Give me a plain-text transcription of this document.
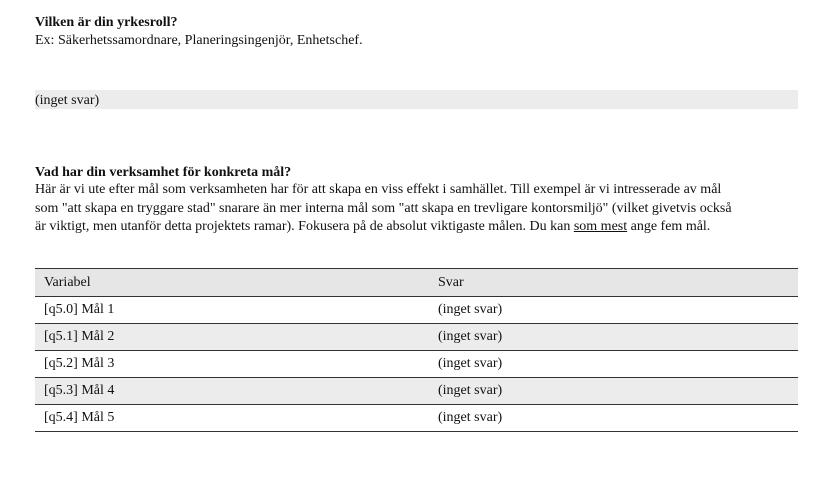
Vilken är din yrkesroll?
Ex: Säkerhetssamordnare, Planeringsingenjör, Enhetschef.
(inget svar)
Vad har din verksamhet för konkreta mål?
Här är vi ute efter mål som verksamheten har för att skapa en viss effekt i samhället. Till exempel är vi intresserade av mål
som "att skapa en tryggare stad" snarare än mer interna mål som "att skapa en trevligare kontorsmiljö" (vilket givetvis också
är viktigt, men utanför detta projektets ramar). Fokusera på de absolut viktigaste målen. Du kan som mest ange fem mål.
Variabel	Svar
[q5.0] Mål 1	(inget svar)
[q5.1] Mål 2	(inget svar)
[q5.2] Mål 3	(inget svar)
[q5.3] Mål 4	(inget svar)
[q5.4] Mål 5	(inget svar)
